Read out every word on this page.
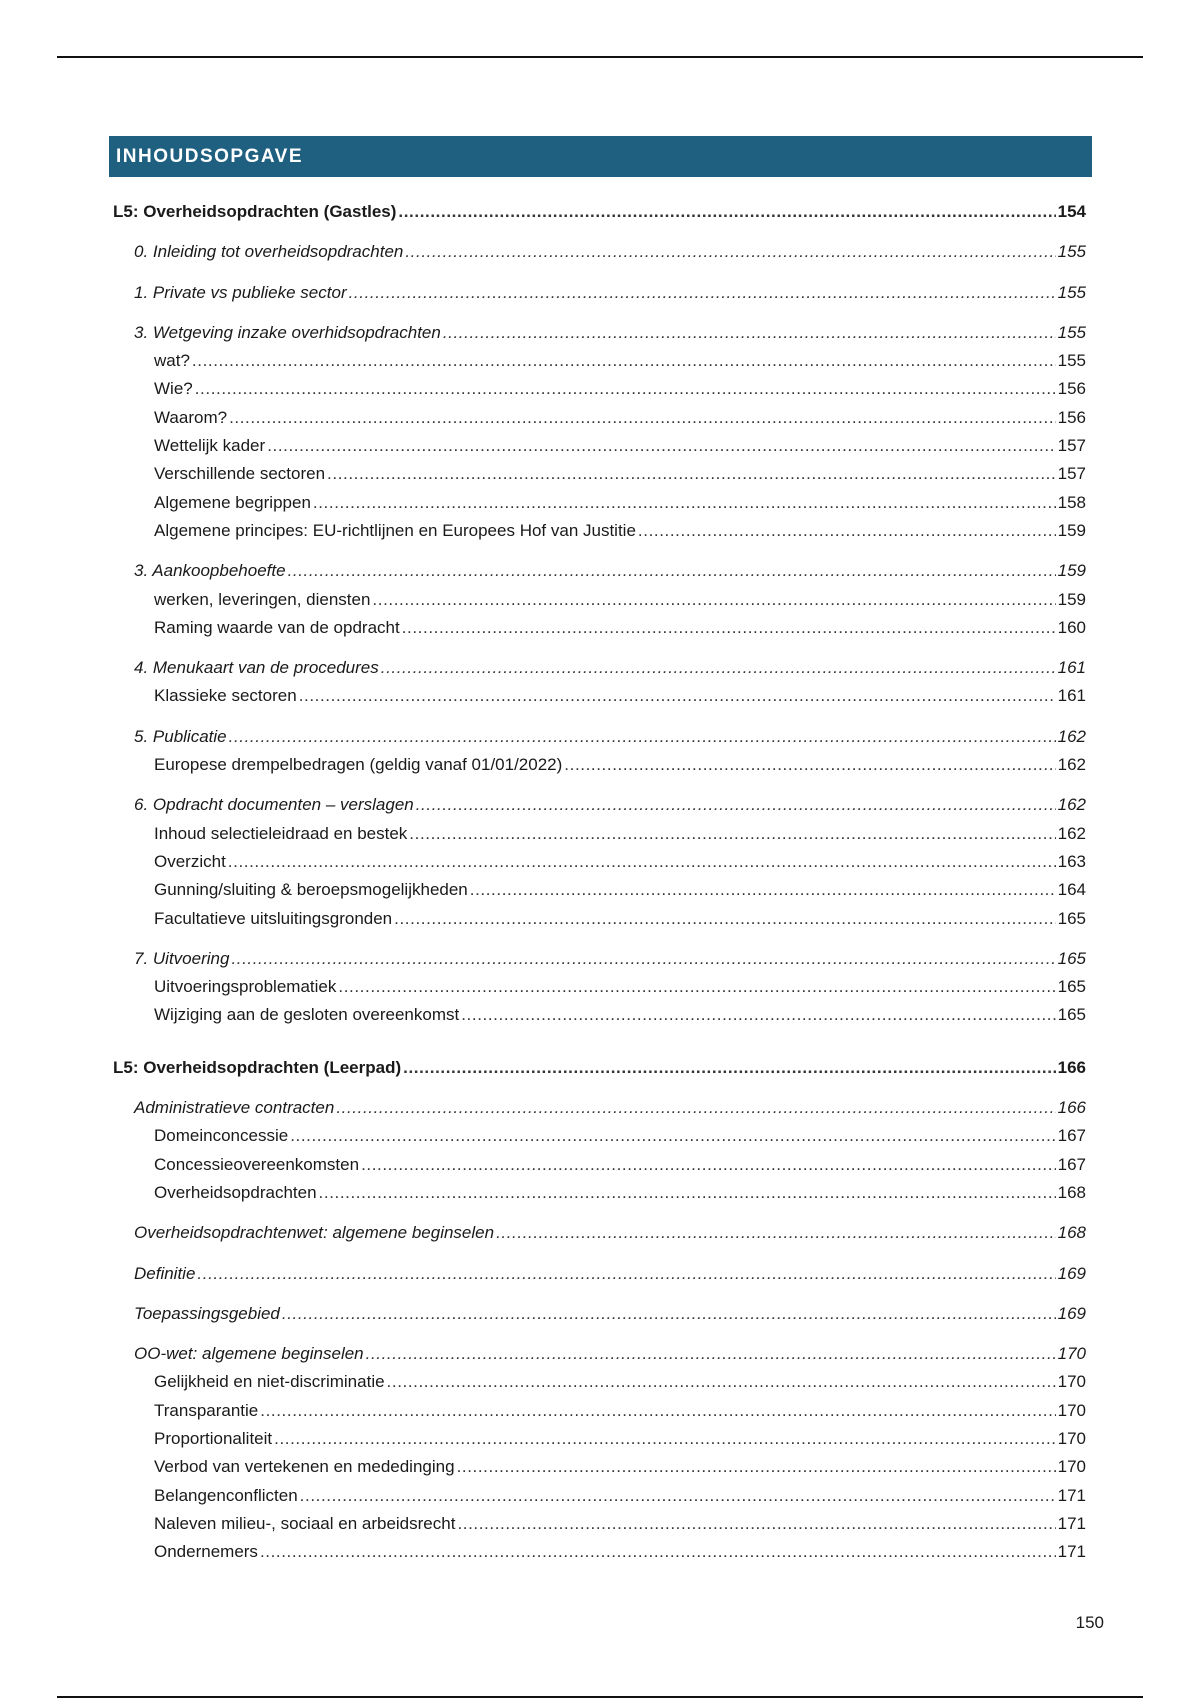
INHOUDSOPGAVE
L5: Overheidsopdrachten (Gastles) .....	154
0. Inleiding tot overheidsopdrachten .....	155
1. Private vs publieke sector .....	155
3. Wetgeving inzake overhidsopdrachten .....	155
wat? .....	155
Wie? .....	156
Waarom? .....	156
Wettelijk kader .....	157
Verschillende sectoren .....	157
Algemene begrippen .....	158
Algemene principes: EU-richtlijnen en Europees Hof van Justitie .....	159
3. Aankoopbehoefte .....	159
werken, leveringen, diensten .....	159
Raming waarde van de opdracht .....	160
4. Menukaart van de procedures .....	161
Klassieke sectoren .....	161
5. Publicatie .....	162
Europese drempelbedragen (geldig vanaf 01/01/2022) .....	162
6. Opdracht documenten – verslagen .....	162
Inhoud selectieleidraad en bestek .....	162
Overzicht .....	163
Gunning/sluiting & beroepsmogelijkheden .....	164
Facultatieve uitsluitingsgronden .....	165
7. Uitvoering .....	165
Uitvoeringsproblematiek .....	165
Wijziging aan de gesloten overeenkomst .....	165
L5: Overheidsopdrachten (Leerpad) .....	166
Administratieve contracten .....	166
Domeinconcessie .....	167
Concessieovereenkomsten .....	167
Overheidsopdrachten .....	168
Overheidsopdrachtenwet: algemene beginselen .....	168
Definitie .....	169
Toepassingsgebied .....	169
OO-wet: algemene beginselen .....	170
Gelijkheid en niet-discriminatie .....	170
Transparantie .....	170
Proportionaliteit .....	170
Verbod van vertekenen en mededinging .....	170
Belangenconflicten .....	171
Naleven milieu-, sociaal en arbeidsrecht .....	171
Ondernemers .....	171
150
